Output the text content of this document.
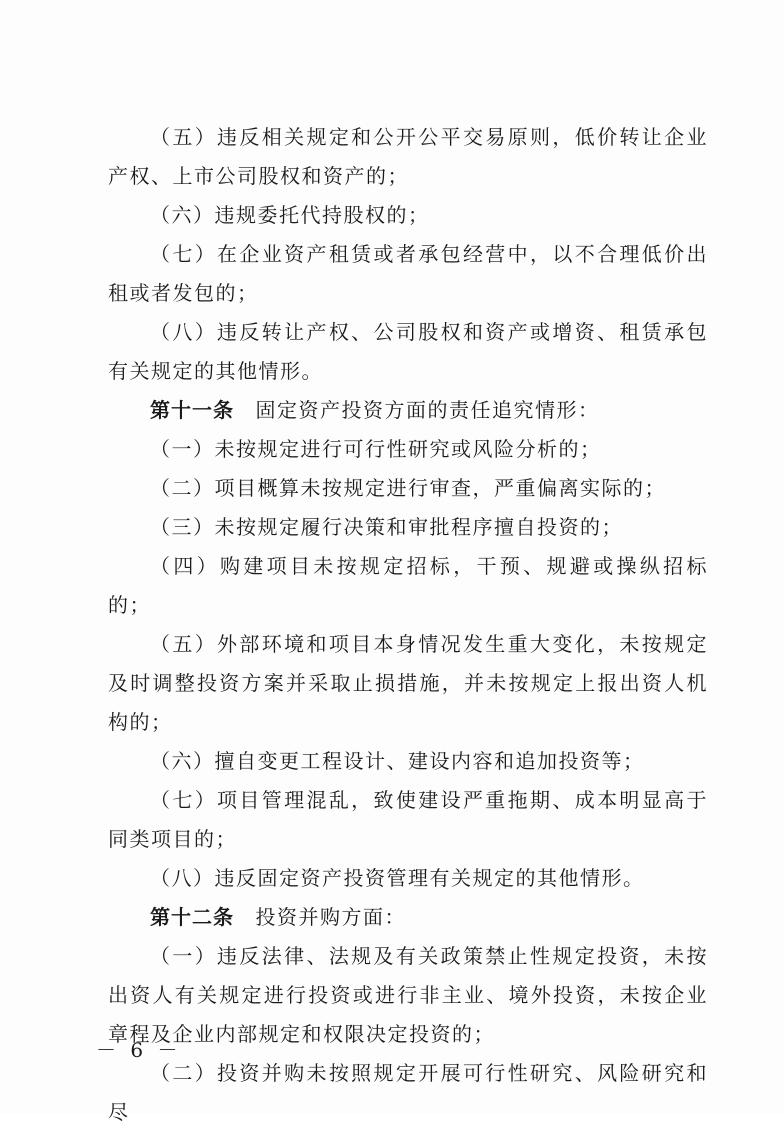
（五）违反相关规定和公开公平交易原则，低价转让企业产权、上市公司股权和资产的；

（六）违规委托代持股权的；

（七）在企业资产租赁或者承包经营中，以不合理低价出租或者发包的；

（八）违反转让产权、公司股权和资产或增资、租赁承包有关规定的其他情形。

第十一条　固定资产投资方面的责任追究情形：

（一）未按规定进行可行性研究或风险分析的；

（二）项目概算未按规定进行审查，严重偏离实际的；

（三）未按规定履行决策和审批程序擅自投资的；

（四）购建项目未按规定招标，干预、规避或操纵招标的；

（五）外部环境和项目本身情况发生重大变化，未按规定及时调整投资方案并采取止损措施，并未按规定上报出资人机构的；

（六）擅自变更工程设计、建设内容和追加投资等；

（七）项目管理混乱，致使建设严重拖期、成本明显高于同类项目的；

（八）违反固定资产投资管理有关规定的其他情形。

第十二条　投资并购方面：

（一）违反法律、法规及有关政策禁止性规定投资，未按出资人有关规定进行投资或进行非主业、境外投资，未按企业章程及企业内部规定和权限决定投资的；

（二）投资并购未按照规定开展可行性研究、风险研究和尽

－ 6 －
